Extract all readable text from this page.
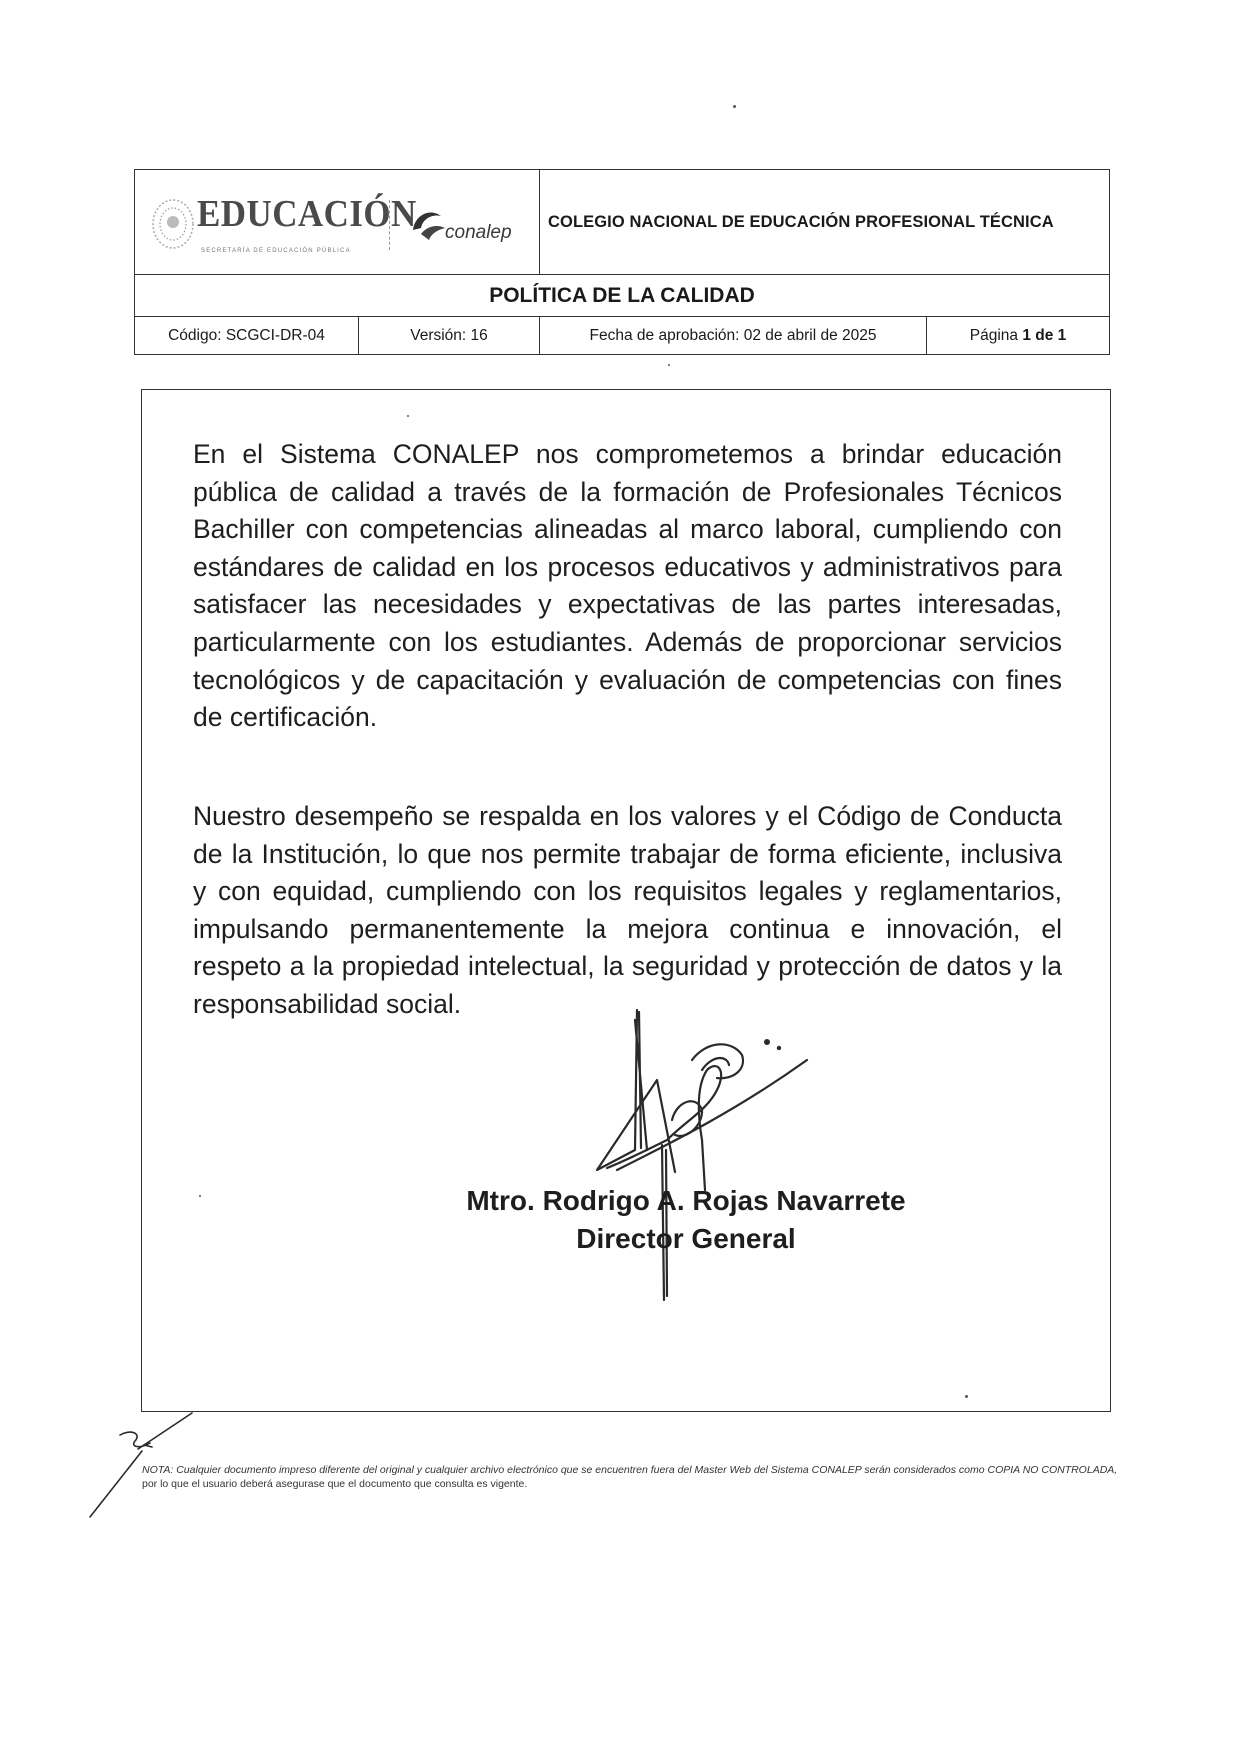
EDUCACIÓN
SECRETARÍA DE EDUCACIÓN PÚBLICA
conalep		COLEGIO NACIONAL DE EDUCACIÓN PROFESIONAL TÉCNICA	
POLÍTICA DE LA CALIDAD			
Código: SCGCI-DR-04	Versión: 16	Fecha de aprobación: 02 de abril de 2025	Página 1 de 1

En el Sistema CONALEP nos comprometemos a brindar educación pública de calidad a través de la formación de Profesionales Técnicos Bachiller con competencias alineadas al marco laboral, cumpliendo con estándares de calidad en los procesos educativos y administrativos para satisfacer las necesidades y expectativas de las partes interesadas, particularmente con los estudiantes. Además de proporcionar servicios tecnológicos y de capacitación y evaluación de competencias con fines de certificación.

Nuestro desempeño se respalda en los valores y el Código de Conducta de la Institución, lo que nos permite trabajar de forma eficiente, inclusiva y con equidad, cumpliendo con los requisitos legales y reglamentarios, impulsando permanentemente la mejora continua e innovación, el respeto a la propiedad intelectual, la seguridad y protección de datos y la responsabilidad social.

Mtro. Rodrigo A. Rojas Navarrete
Director General
NOTA: Cualquier documento impreso diferente del original y cualquier archivo electrónico que se encuentren fuera del Master Web del Sistema CONALEP serán considerados como COPIA NO CONTROLADA, por lo que el usuario deberá asegurase que el documento que consulta es vigente.
